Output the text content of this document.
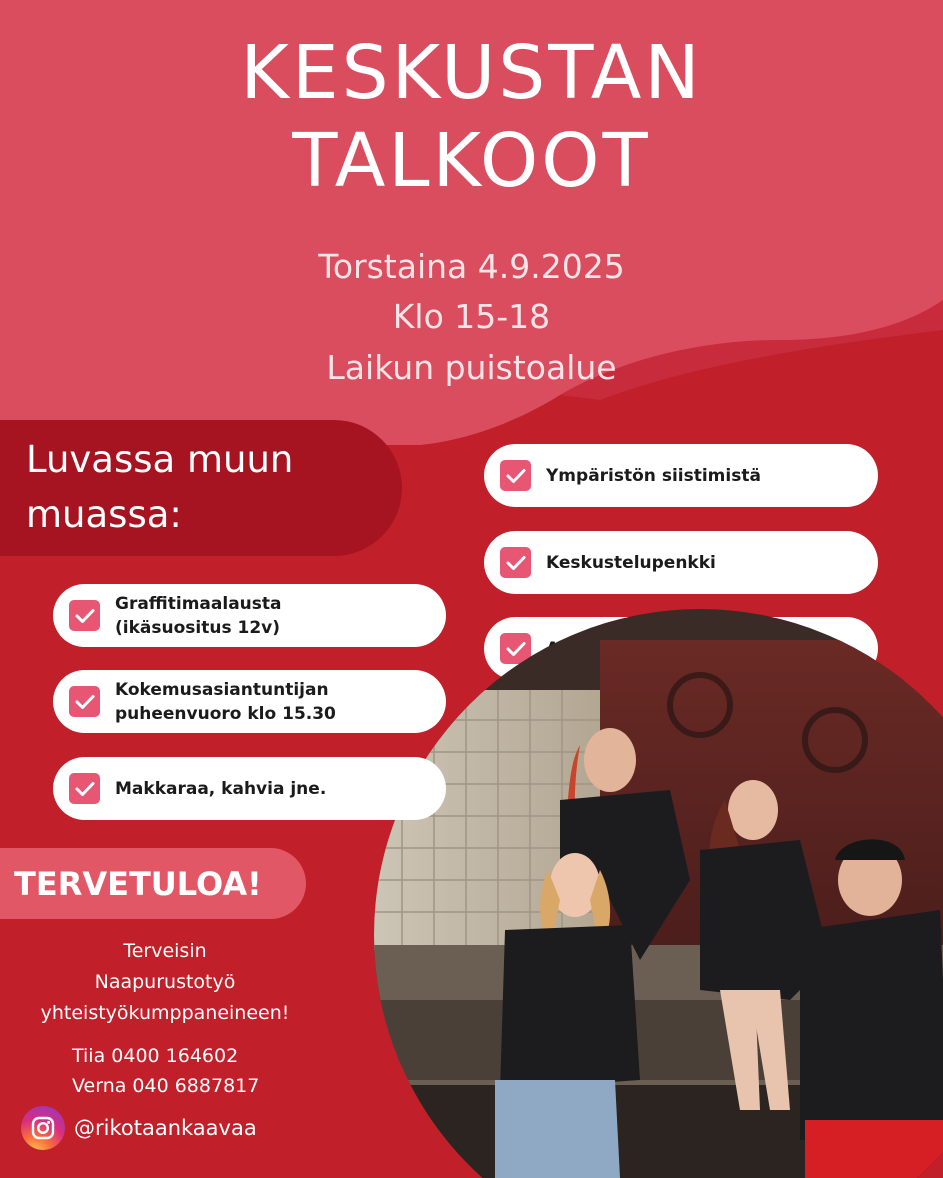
KESKUSTAN
TALKOOT
Torstaina 4.9.2025
Klo 15-18
Laikun puistoalue
Luvassa muun
muassa:
Ympäristön siistimistä
Keskustelupenkki
Graffitimaalausta
(ikäsuositus 12v)
Kokemusasiantuntijan
puheenvuoro klo 15.30
Makkaraa, kahvia jne.
TERVETULOA!
Terveisin
Naapurustotyö
yhteistyökumppaneineen!
Tiia 0400 164602
Verna 040 6887817
@rikotaankaavaa
